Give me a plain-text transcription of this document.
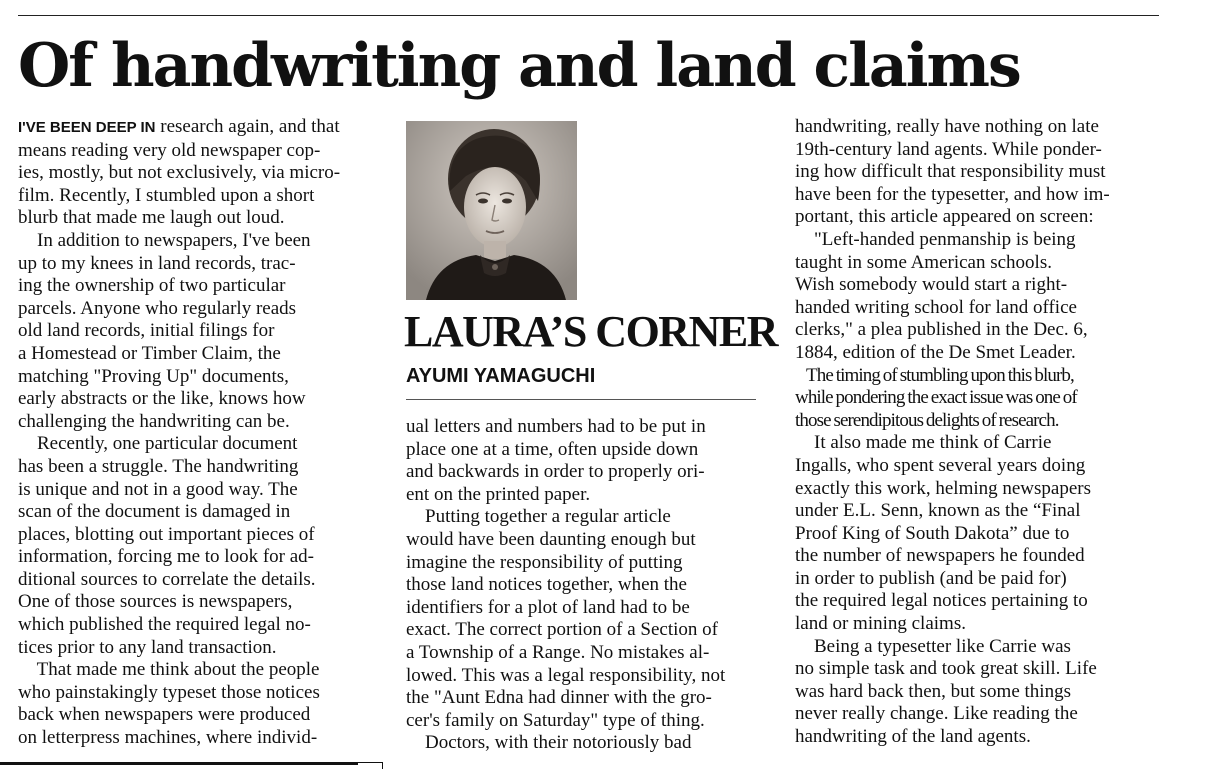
Of handwriting and land claims

I'VE BEEN DEEP IN research again, and that

means reading very old newspaper cop-

ies, mostly, but not exclusively, via micro-

film. Recently, I stumbled upon a short

blurb that made me laugh out loud.

In addition to newspapers, I've been

up to my knees in land records, trac-

ing the ownership of two particular

parcels. Anyone who regularly reads

old land records, initial filings for

a Homestead or Timber Claim, the

matching "Proving Up" documents,

early abstracts or the like, knows how

challenging the handwriting can be.

Recently, one particular document

has been a struggle. The handwriting

is unique and not in a good way. The

scan of the document is damaged in

places, blotting out important pieces of

information, forcing me to look for ad-

ditional sources to correlate the details.

One of those sources is newspapers,

which published the required legal no-

tices prior to any land transaction.

That made me think about the people

who painstakingly typeset those notices

back when newspapers were produced

on letterpress machines, where individ-

LAURA’S CORNER
AYUMI YAMAGUCHI

ual letters and numbers had to be put in

place one at a time, often upside down

and backwards in order to properly ori-

ent on the printed paper.

Putting together a regular article

would have been daunting enough but

imagine the responsibility of putting

those land notices together, when the

identifiers for a plot of land had to be

exact. The correct portion of a Section of

a Township of a Range. No mistakes al-

lowed. This was a legal responsibility, not

the "Aunt Edna had dinner with the gro-

cer's family on Saturday" type of thing.

Doctors, with their notoriously bad

handwriting, really have nothing on late

19th-century land agents. While ponder-

ing how difficult that responsibility must

have been for the typesetter, and how im-

portant, this article appeared on screen:

"Left-handed penmanship is being

taught in some American schools.

Wish somebody would start a right-

handed writing school for land office

clerks," a plea published in the Dec. 6,

1884, edition of the De Smet Leader.

The timing of stumbling upon this blurb,

while pondering the exact issue was one of

those serendipitous delights of research.

It also made me think of Carrie

Ingalls, who spent several years doing

exactly this work, helming newspapers

under E.L. Senn, known as the “Final

Proof King of South Dakota” due to

the number of newspapers he founded

in order to publish (and be paid for)

the required legal notices pertaining to

land or mining claims.

Being a typesetter like Carrie was

no simple task and took great skill. Life

was hard back then, but some things

never really change. Like reading the

handwriting of the land agents.
